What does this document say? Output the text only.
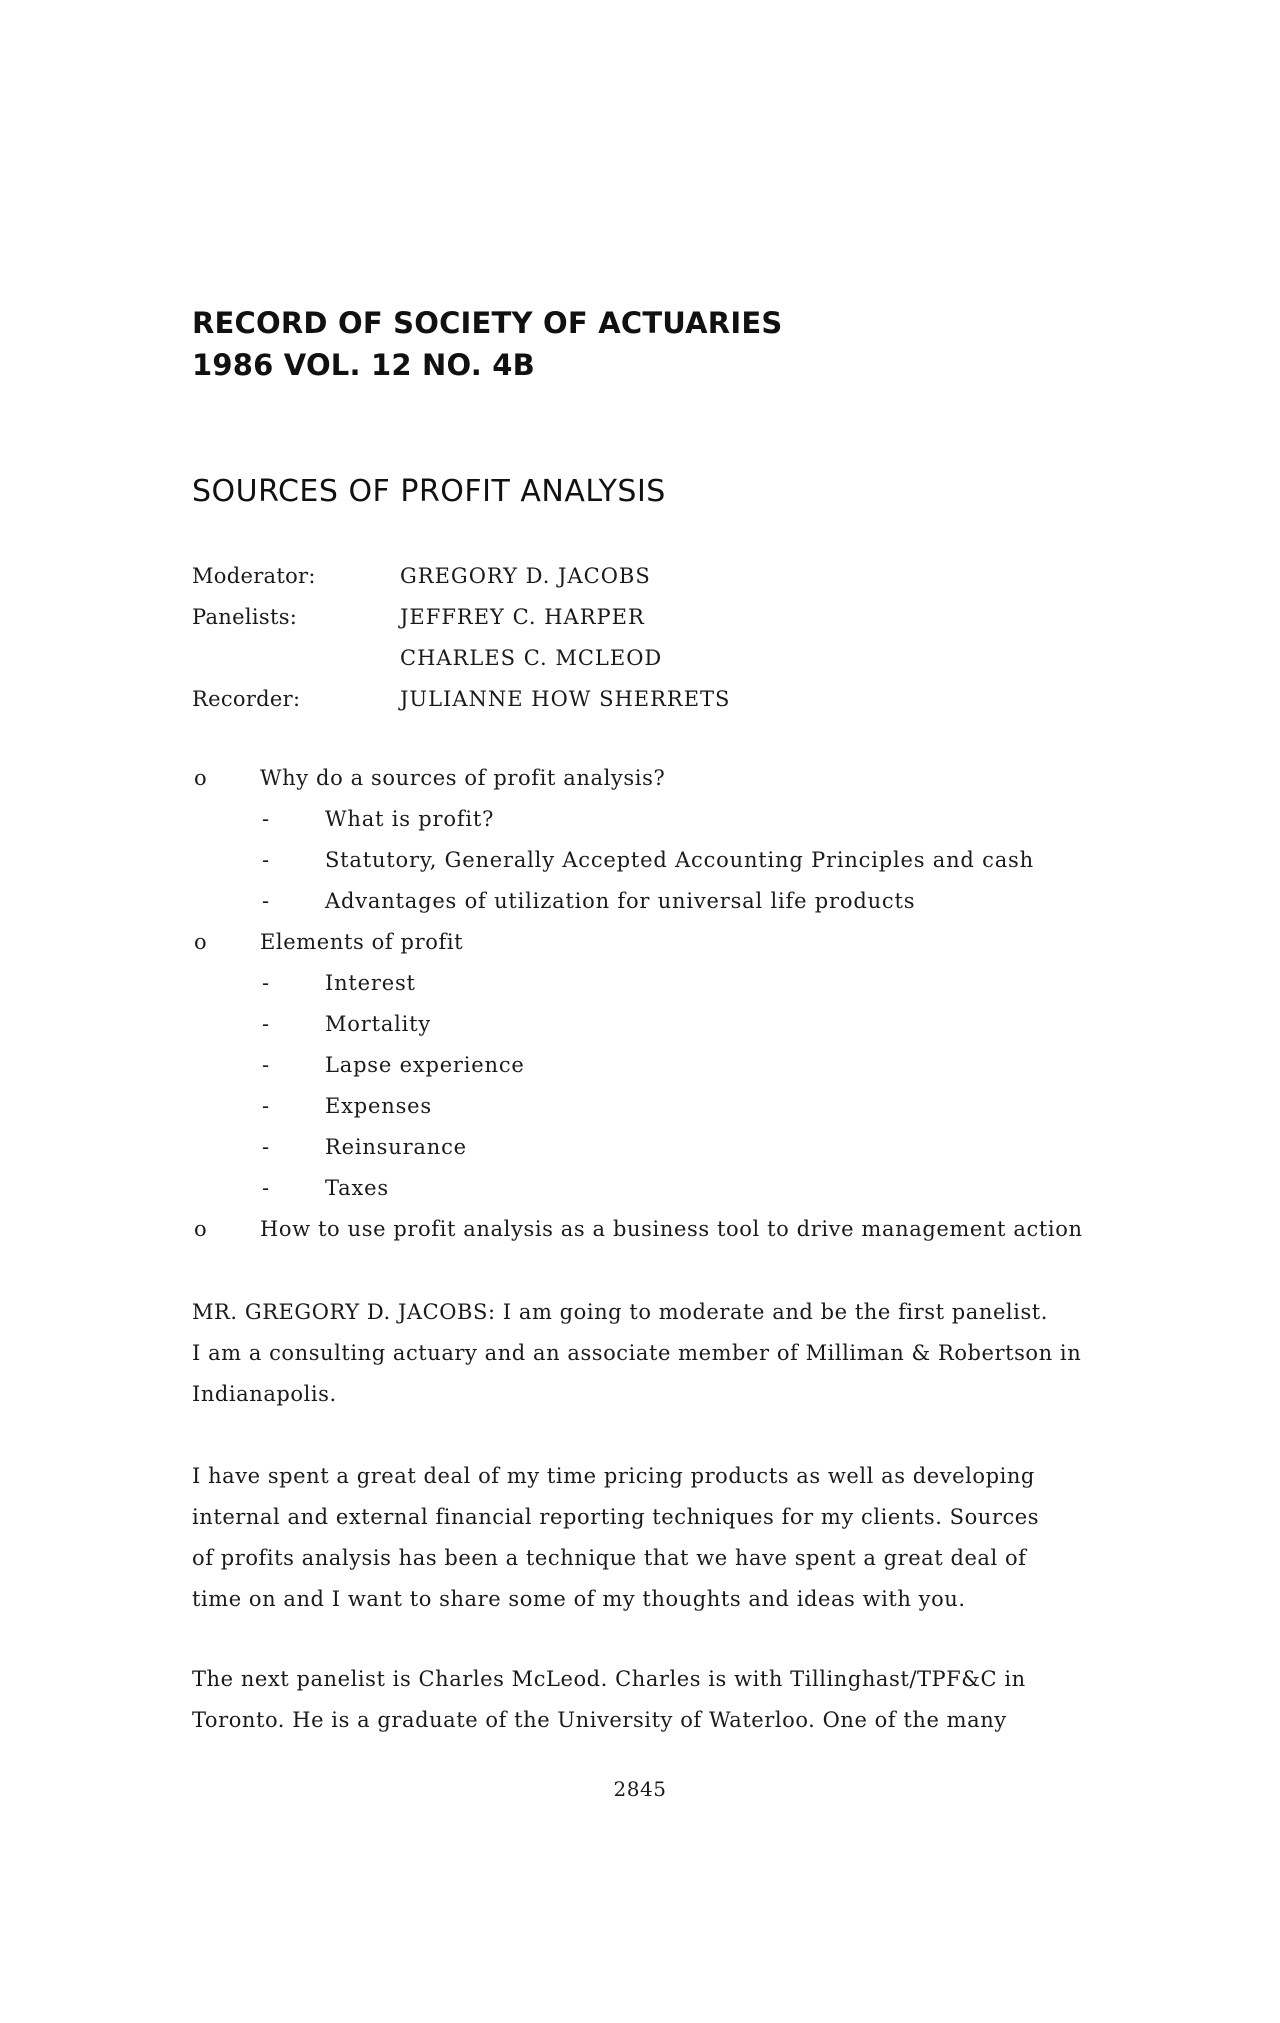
RECORD OF SOCIETY OF ACTUARIES
1986 VOL. 12 NO. 4B
SOURCES OF PROFIT ANALYSIS
Moderator:	GREGORY D. JACOBS
Panelists:	JEFFREY C. HARPER
CHARLES C. MCLEOD
Recorder:	JULIANNE HOW SHERRETS
o	Why do a sources of profit analysis?
-	What is profit?
-	Statutory, Generally Accepted Accounting Principles and cash
-	Advantages of utilization for universal life products
o	Elements of profit
-	Interest
-	Mortality
-	Lapse experience
-	Expenses
-	Reinsurance
-	Taxes
o	How to use profit analysis as a business tool to drive management action
MR. GREGORY D. JACOBS: I am going to moderate and be the first panelist.
I am a consulting actuary and an associate member of Milliman & Robertson in
Indianapolis.
I have spent a great deal of my time pricing products as well as developing
internal and external financial reporting techniques for my clients. Sources
of profits analysis has been a technique that we have spent a great deal of
time on and I want to share some of my thoughts and ideas with you.
The next panelist is Charles McLeod. Charles is with Tillinghast/TPF&C in
Toronto. He is a graduate of the University of Waterloo. One of the many
2845
